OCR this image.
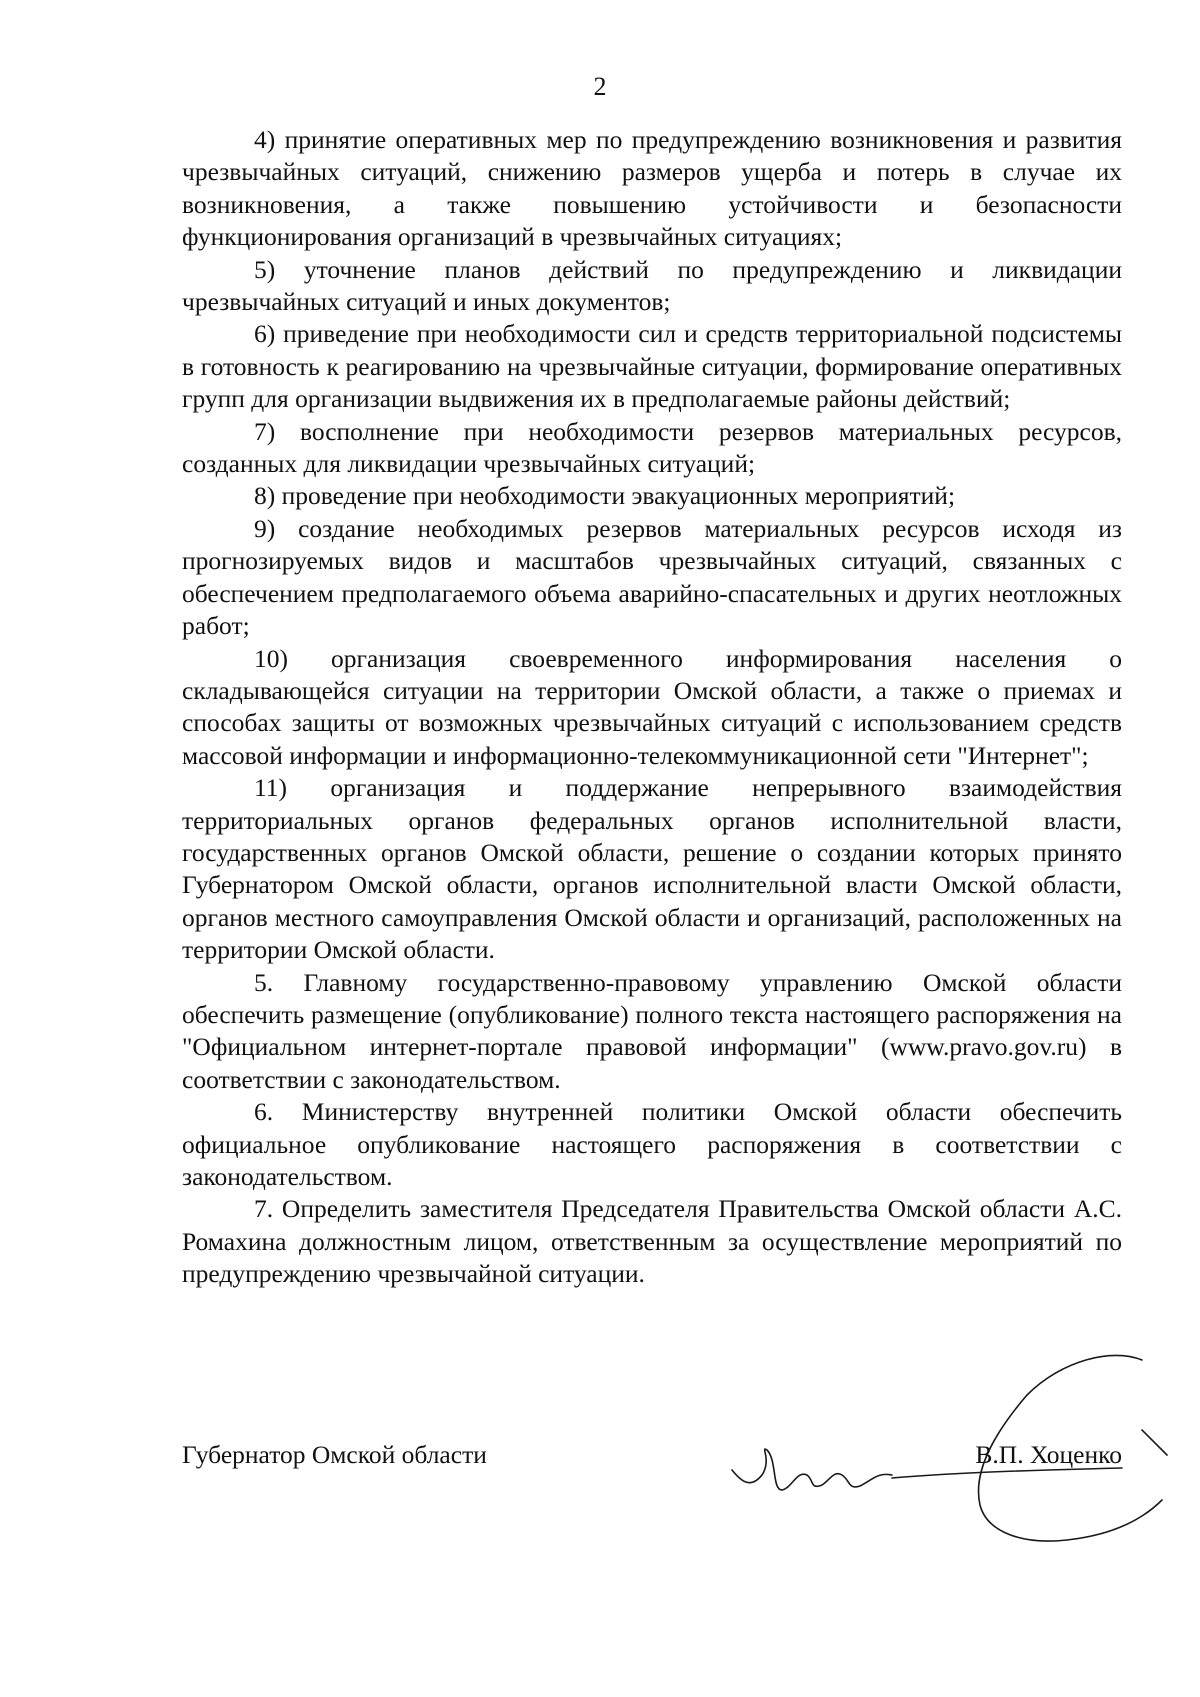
2

4) принятие оперативных мер по предупреждению возникновения и развития чрезвычайных ситуаций, снижению размеров ущерба и потерь в случае их возникновения, а также повышению устойчивости и безопасности функционирования организаций в чрезвычайных ситуациях;

5) уточнение планов действий по предупреждению и ликвидации чрезвычайных ситуаций и иных документов;

6) приведение при необходимости сил и средств территориальной подсистемы в готовность к реагированию на чрезвычайные ситуации, формирование оперативных групп для организации выдвижения их в предполагаемые районы действий;

7) восполнение при необходимости резервов материальных ресурсов, созданных для ликвидации чрезвычайных ситуаций;

8) проведение при необходимости эвакуационных мероприятий;

9) создание необходимых резервов материальных ресурсов исходя из прогнозируемых видов и масштабов чрезвычайных ситуаций, связанных с обеспечением предполагаемого объема аварийно-спасательных и других неотложных работ;

10) организация своевременного информирования населения о складывающейся ситуации на территории Омской области, а также о приемах и способах защиты от возможных чрезвычайных ситуаций с использованием средств массовой информации и информационно-телекоммуникационной сети "Интернет";

11) организация и поддержание непрерывного взаимодействия территориальных органов федеральных органов исполнительной власти, государственных органов Омской области, решение о создании которых принято Губернатором Омской области, органов исполнительной власти Омской области, органов местного самоуправления Омской области и организаций, расположенных на территории Омской области.

5. Главному государственно-правовому управлению Омской области обеспечить размещение (опубликование) полного текста настоящего распоряжения на "Официальном интернет-портале правовой информации" (www.pravo.gov.ru) в соответствии с законодательством.

6. Министерству внутренней политики Омской области обеспечить официальное опубликование настоящего распоряжения в соответствии с законодательством.

7. Определить заместителя Председателя Правительства Омской области А.С. Ромахина должностным лицом, ответственным за осуществление мероприятий по предупреждению чрезвычайной ситуации.

Губернатор Омской области	В.П. Хоценко
